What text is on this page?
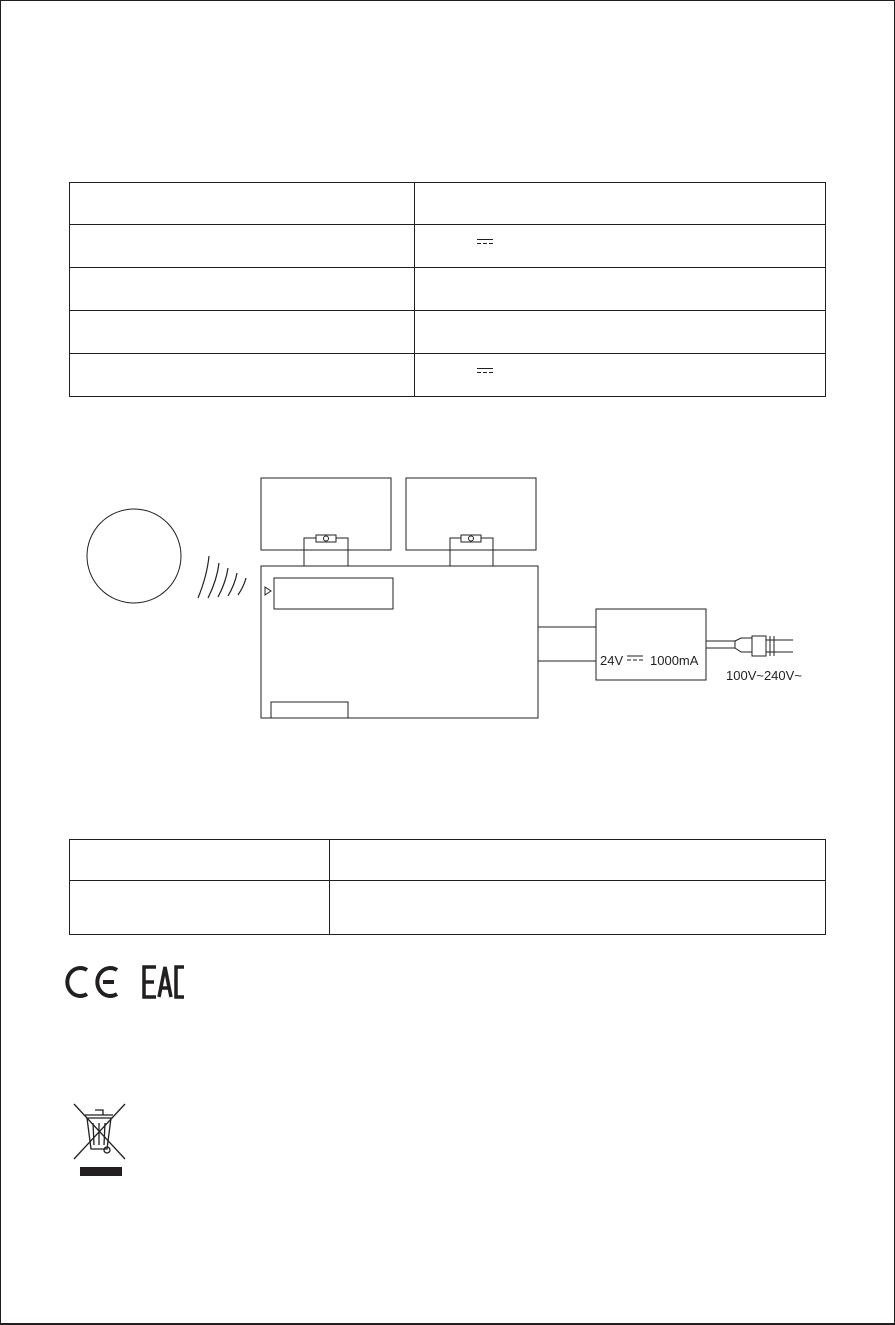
24V 1000mA
100V~240V~
